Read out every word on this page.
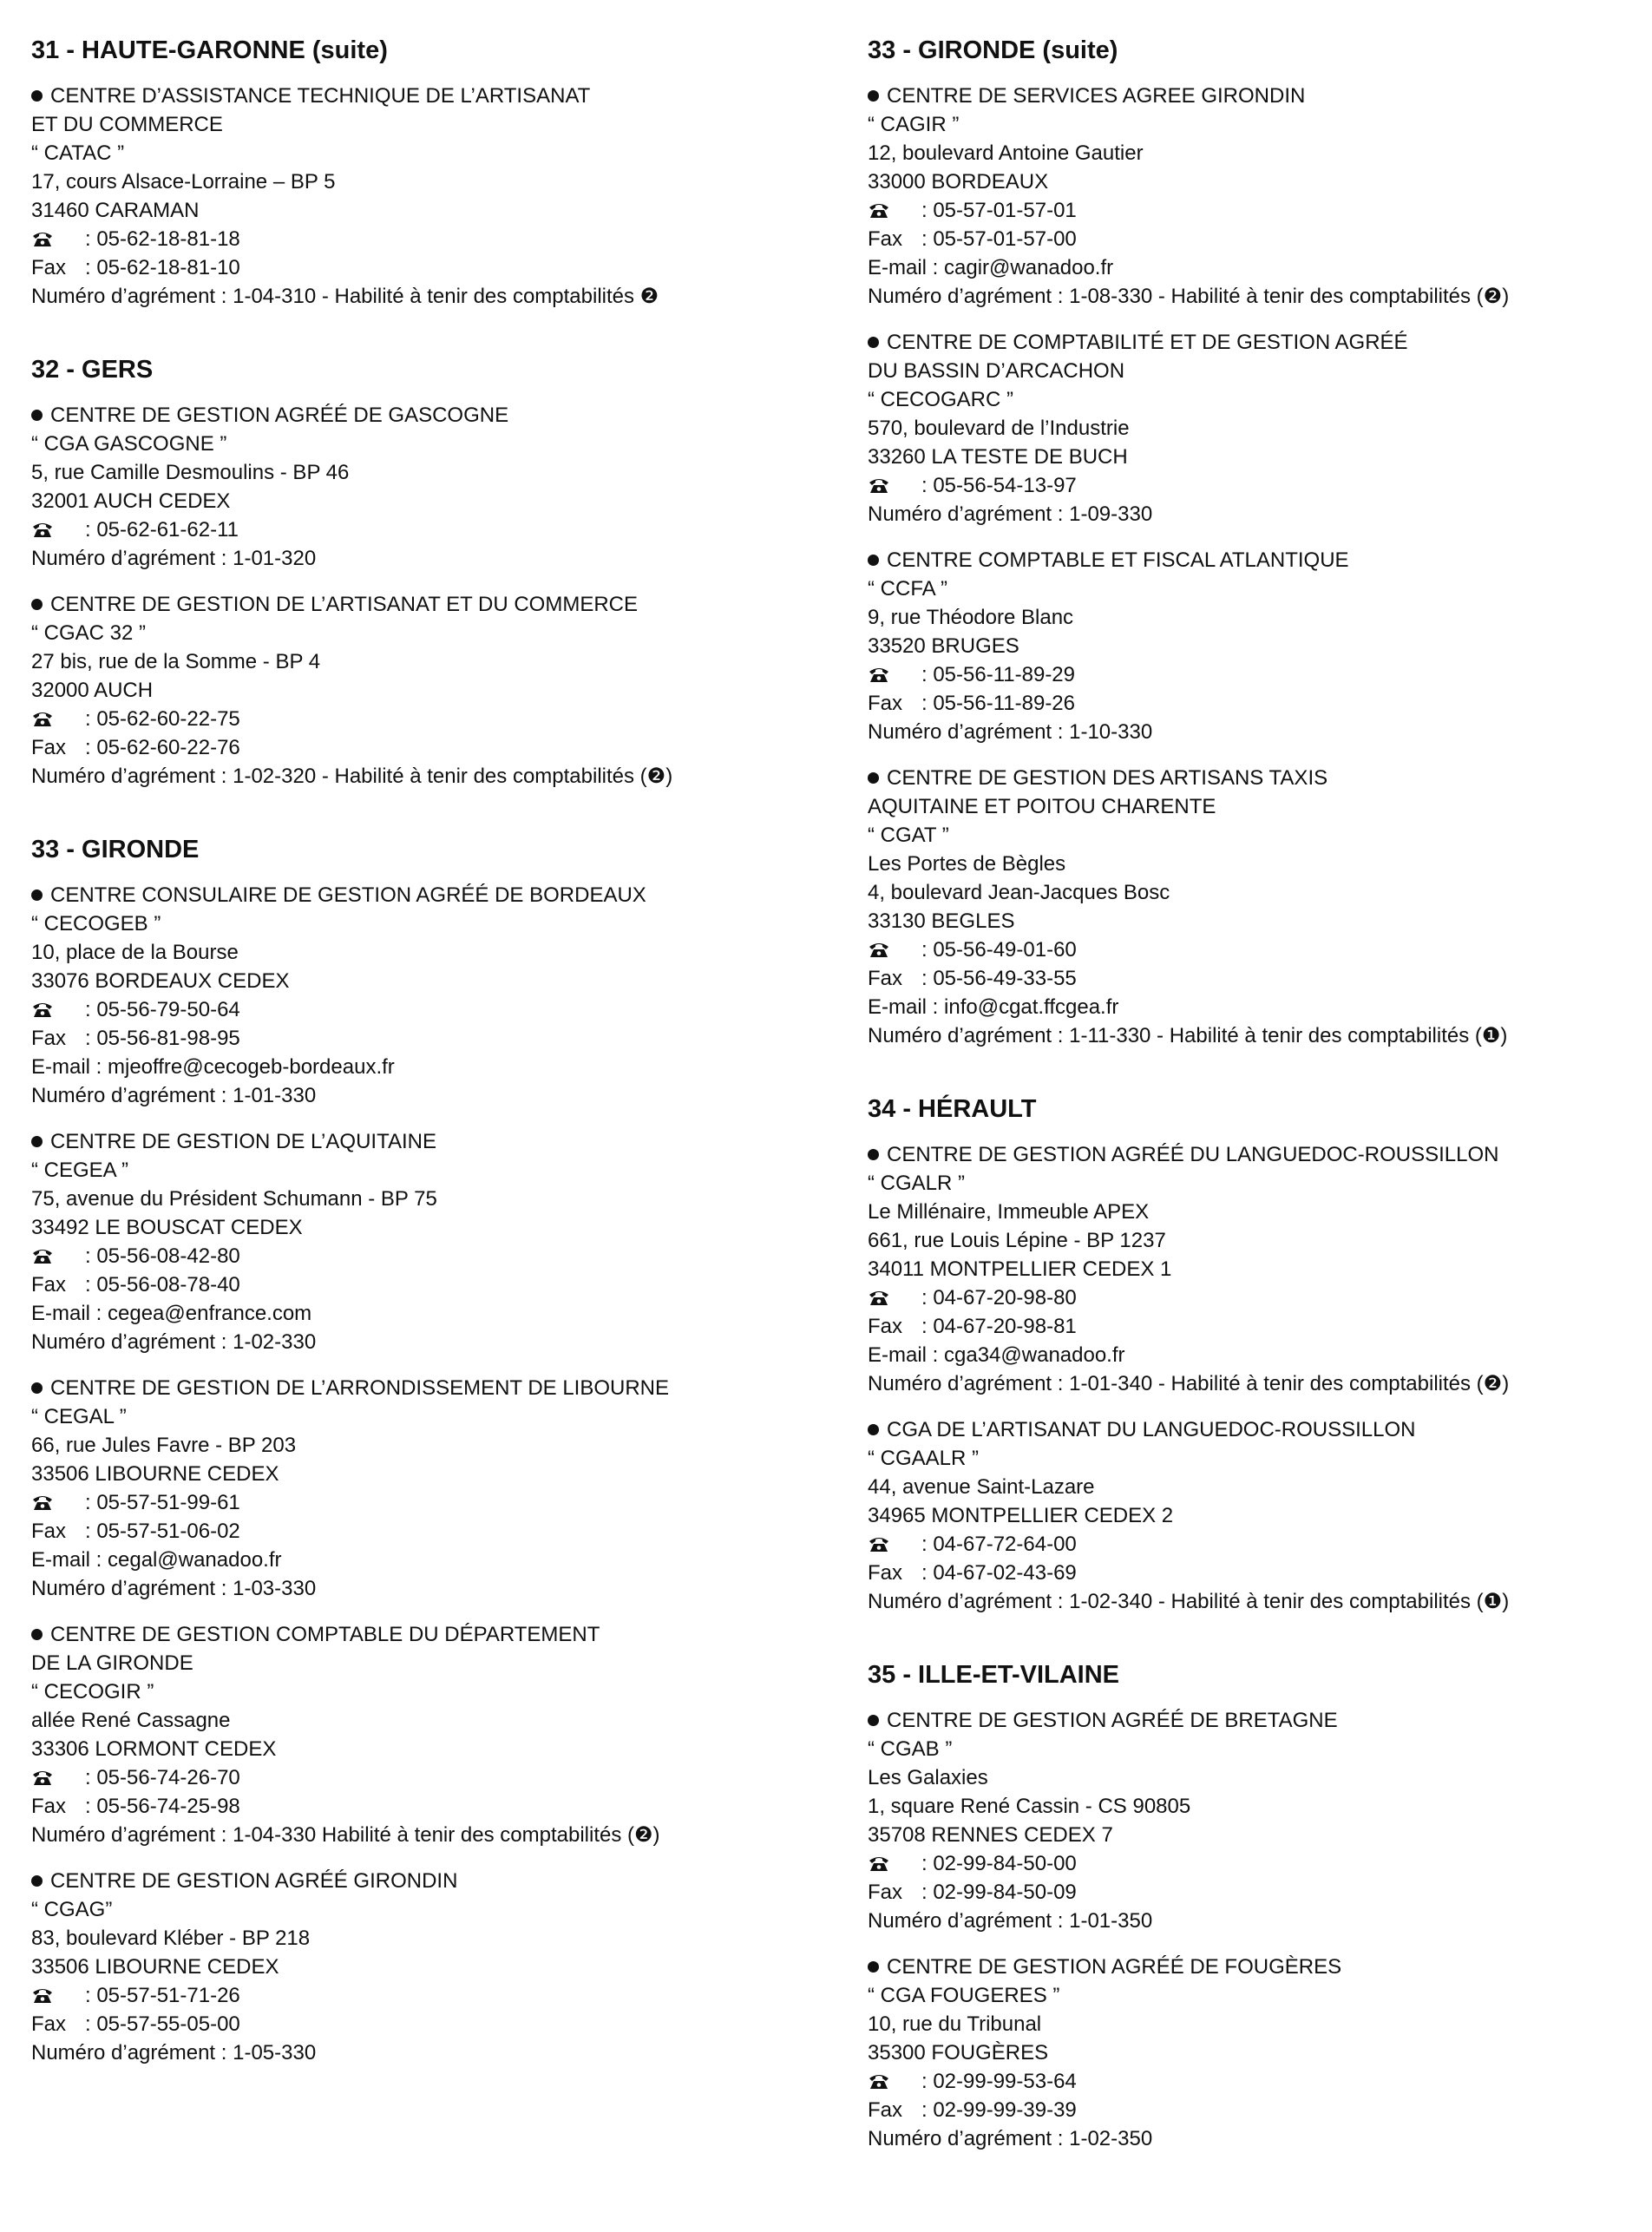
31 - HAUTE-GARONNE (suite)
CENTRE D’ASSISTANCE TECHNIQUE DE L’ARTISANAT
ET DU COMMERCE
“ CATAC ”
17, cours Alsace-Lorraine – BP 5
31460 CARAMAN
: 05-62-18-81-18
Fax : 05-62-18-81-10
Numéro d’agrément : 1-04-310 - Habilité à tenir des comptabilités ❷
32 - GERS
CENTRE DE GESTION AGRÉÉ DE GASCOGNE
“ CGA GASCOGNE ”
5, rue Camille Desmoulins - BP 46
32001 AUCH CEDEX
: 05-62-61-62-11
Numéro d’agrément : 1-01-320
CENTRE DE GESTION DE L’ARTISANAT ET DU COMMERCE
“ CGAC 32 ”
27 bis, rue de la Somme - BP 4
32000 AUCH
: 05-62-60-22-75
Fax : 05-62-60-22-76
Numéro d’agrément : 1-02-320 - Habilité à tenir des comptabilités (❷)
33 - GIRONDE
CENTRE CONSULAIRE DE GESTION AGRÉÉ DE BORDEAUX
“ CECOGEB ”
10, place de la Bourse
33076 BORDEAUX CEDEX
: 05-56-79-50-64
Fax : 05-56-81-98-95
E-mail : mjeoffre@cecogeb-bordeaux.fr
Numéro d’agrément : 1-01-330
CENTRE DE GESTION DE L’AQUITAINE
“ CEGEA ”
75, avenue du Président Schumann - BP 75
33492 LE BOUSCAT CEDEX
: 05-56-08-42-80
Fax : 05-56-08-78-40
E-mail : cegea@enfrance.com
Numéro d’agrément : 1-02-330
CENTRE DE GESTION DE L’ARRONDISSEMENT DE LIBOURNE
“ CEGAL ”
66, rue Jules Favre - BP 203
33506 LIBOURNE CEDEX
: 05-57-51-99-61
Fax : 05-57-51-06-02
E-mail : cegal@wanadoo.fr
Numéro d’agrément : 1-03-330
CENTRE DE GESTION COMPTABLE DU DÉPARTEMENT
DE LA GIRONDE
“ CECOGIR ”
allée René Cassagne
33306 LORMONT CEDEX
: 05-56-74-26-70
Fax : 05-56-74-25-98
Numéro d’agrément : 1-04-330 Habilité à tenir des comptabilités (❷)
CENTRE DE GESTION AGRÉÉ GIRONDIN
“ CGAG”
83, boulevard Kléber - BP 218
33506 LIBOURNE CEDEX
: 05-57-51-71-26
Fax : 05-57-55-05-00
Numéro d’agrément : 1-05-330
33 - GIRONDE (suite)
CENTRE DE SERVICES AGREE GIRONDIN
“ CAGIR ”
12, boulevard Antoine Gautier
33000 BORDEAUX
: 05-57-01-57-01
Fax : 05-57-01-57-00
E-mail : cagir@wanadoo.fr
Numéro d’agrément : 1-08-330 - Habilité à tenir des comptabilités (❷)
CENTRE DE COMPTABILITÉ ET DE GESTION AGRÉÉ
DU BASSIN D’ARCACHON
“ CECOGARC ”
570, boulevard de l’Industrie
33260 LA TESTE DE BUCH
: 05-56-54-13-97
Numéro d’agrément : 1-09-330
CENTRE COMPTABLE ET FISCAL ATLANTIQUE
“ CCFA ”
9, rue Théodore Blanc
33520 BRUGES
: 05-56-11-89-29
Fax : 05-56-11-89-26
Numéro d’agrément : 1-10-330
CENTRE DE GESTION DES ARTISANS TAXIS
AQUITAINE ET POITOU CHARENTE
“ CGAT ”
Les Portes de Bègles
4, boulevard Jean-Jacques Bosc
33130 BEGLES
: 05-56-49-01-60
Fax : 05-56-49-33-55
E-mail : info@cgat.ffcgea.fr
Numéro d’agrément : 1-11-330 - Habilité à tenir des comptabilités (❶)
34 - HÉRAULT
CENTRE DE GESTION AGRÉÉ DU LANGUEDOC-ROUSSILLON
“ CGALR ”
Le Millénaire, Immeuble APEX
661, rue Louis Lépine - BP 1237
34011 MONTPELLIER CEDEX 1
: 04-67-20-98-80
Fax : 04-67-20-98-81
E-mail : cga34@wanadoo.fr
Numéro d’agrément : 1-01-340 - Habilité à tenir des comptabilités (❷)
CGA DE L’ARTISANAT DU LANGUEDOC-ROUSSILLON
“ CGAALR ”
44, avenue Saint-Lazare
34965 MONTPELLIER CEDEX 2
: 04-67-72-64-00
Fax : 04-67-02-43-69
Numéro d’agrément : 1-02-340 - Habilité à tenir des comptabilités (❶)
35 - ILLE-ET-VILAINE
CENTRE DE GESTION AGRÉÉ DE BRETAGNE
“ CGAB ”
Les Galaxies
1, square René Cassin - CS 90805
35708 RENNES CEDEX 7
: 02-99-84-50-00
Fax : 02-99-84-50-09
Numéro d’agrément : 1-01-350
CENTRE DE GESTION AGRÉÉ DE FOUGÈRES
“ CGA FOUGERES ”
10, rue du Tribunal
35300 FOUGÈRES
: 02-99-99-53-64
Fax : 02-99-99-39-39
Numéro d’agrément : 1-02-350
